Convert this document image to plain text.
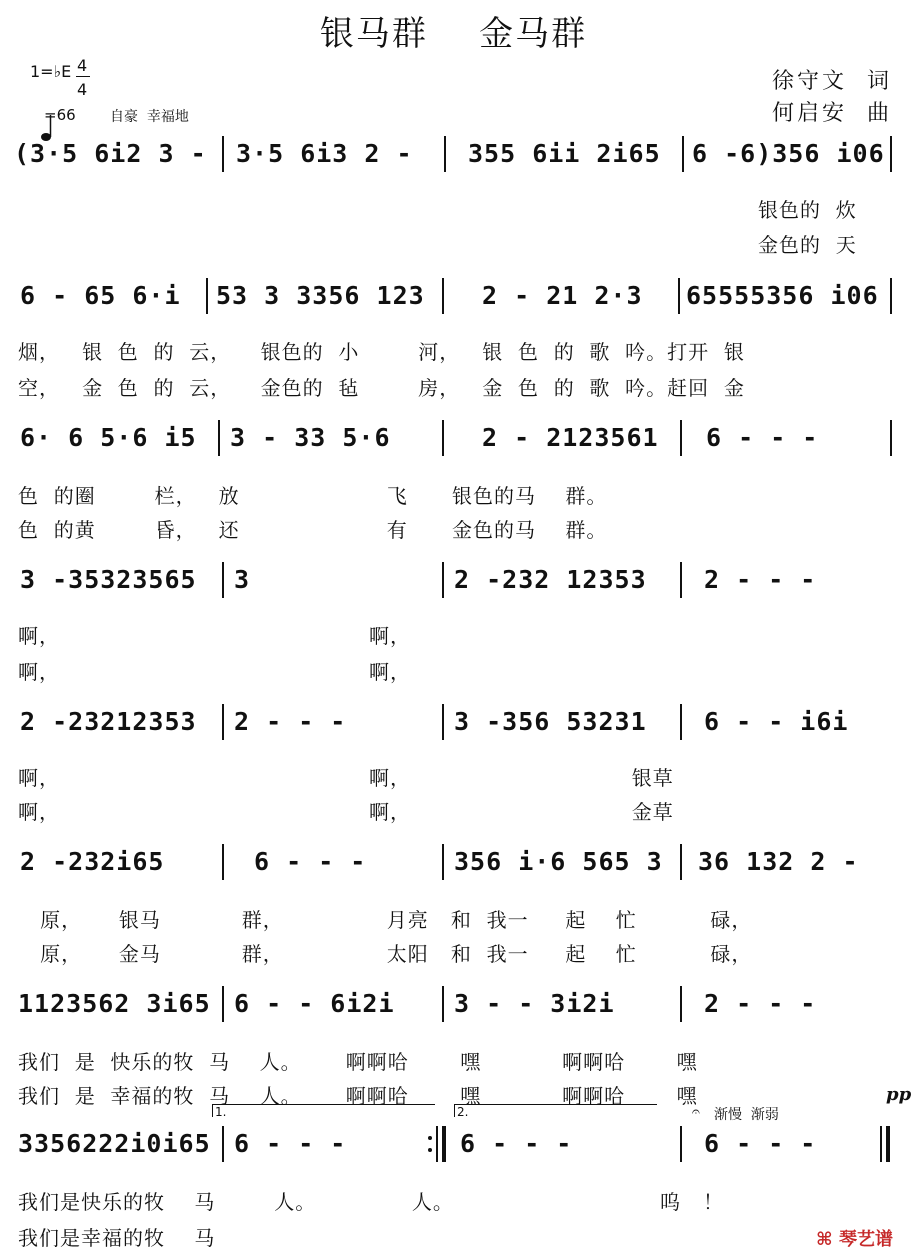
银马群    金马群
1=♭E 4
4

=66 自豪  幸福地
徐守文  词
何启安  曲
(3·5 6i2 3 - 3·5 6i3 2 - 355 6ii 2i65 6 -6)356 i06
银色的  炊
金色的  天
6 - 65 6·i 53 3 3356 123 2 - 21 2·3 65555356 i06
烟，   银  色  的  云，    银色的  小        河，   银  色  的  歌  吟。打开  银
空，   金  色  的  云，    金色的  毡        房，   金  色  的  歌  吟。赶回  金
6· 6 5·6 i5 3 - 33 5·6	2 - 2123561 6 - - -
色  的圈        栏，   放                    飞      银色的马    群。
色  的黄        昏，   还                    有      金色的马    群。
3 -35323565 3	2 -232 12353 2 - - -
啊，                                          啊，
啊，                                          啊，
2 -23212353 2 - - -	3 -356 53231 6 - - i6i
啊，                                          啊，                              银草
啊，                                          啊，                              金草
2 -232i65	6 - - -	356 i·6 565 3 36 132 2 -
原，     银马           群，              月亮   和  我一     起    忙          碌，
原，     金马           群，              太阳   和  我一     起    忙          碌，
1123562 3i65 6 - - 6i2i 3 - - 3i2i	2 - - -
我们  是  快乐的牧  马    人。      啊啊哈       嘿           啊啊哈       嘿
我们  是  幸福的牧  马    人。      啊啊哈       嘿           啊啊哈       嘿
1.	2.	𝄐 渐慢  渐弱
pp
3356222i0i65 6 - - -	6 - - -	6 - - -
我们是快乐的牧    马        人。             人。                            呜   ！
我们是幸福的牧    马	⌘ 琴艺谱
